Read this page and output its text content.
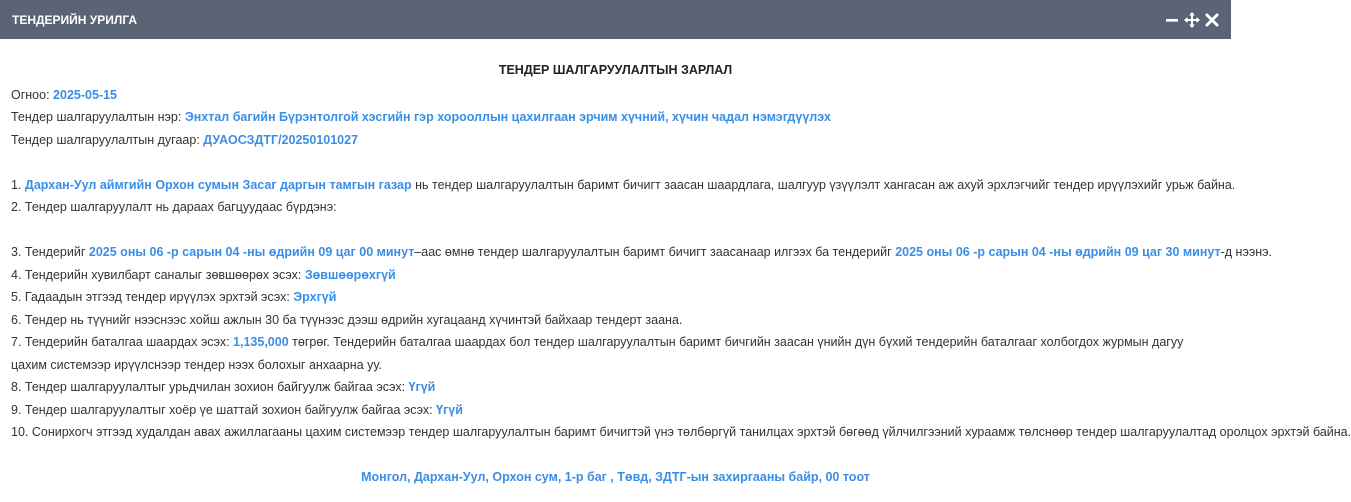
ТЕНДЕРИЙН УРИЛГА
ТЕНДЕР ШАЛГАРУУЛАЛТЫН ЗАРЛАЛ
Огноо: 2025-05-15
Тендер шалгаруулалтын нэр: Энхтал багийн Бүрэнтолгой хэсгийн гэр хорооллын цахилгаан эрчим хүчний, хүчин чадал нэмэгдүүлэх
Тендер шалгаруулалтын дугаар: ДУАОСЗДТГ/20250101027
1. Дархан-Уул аймгийн Орхон сумын Засаг даргын тамгын газар нь тендер шалгаруулалтын баримт бичигт заасан шаардлага, шалгуур үзүүлэлт хангасан аж ахуй эрхлэгчийг тендер ирүүлэхийг урьж байна.
2. Тендер шалгаруулалт нь дараах багцуудаас бүрдэнэ:
3. Тендерийг 2025 оны 06 -р сарын 04 -ны өдрийн 09 цаг 00 минут–аас өмнө тендер шалгаруулалтын баримт бичигт заасанаар илгээх ба тендерийг 2025 оны 06 -р сарын 04 -ны өдрийн 09 цаг 30 минут-д нээнэ.
4. Тендерийн хувилбарт саналыг зөвшөөрөх эсэх: Зөвшөөрөхгүй
5. Гадаадын этгээд тендер ирүүлэх эрхтэй эсэх: Эрхгүй
6. Тендер нь түүнийг нээснээс хойш ажлын 30 ба түүнээс дээш өдрийн хугацаанд хүчинтэй байхаар тендерт заана.
7. Тендерийн баталгаа шаардах эсэх: 1,135,000 төгрөг. Тендерийн баталгаа шаардах бол тендер шалгаруулалтын баримт бичгийн заасан үнийн дүн бүхий тендерийн баталгааг холбогдох журмын дагуу цахим системээр ирүүлснээр тендер нээх болохыг анхаарна уу.
8. Тендер шалгаруулалтыг урьдчилан зохион байгуулж байгаа эсэх: Үгүй
9. Тендер шалгаруулалтыг хоёр үе шаттай зохион байгуулж байгаа эсэх: Үгүй
10. Сонирхогч этгээд худалдан авах ажиллагааны цахим системээр тендер шалгаруулалтын баримт бичигтэй үнэ төлбөргүй танилцах эрхтэй бөгөөд үйлчилгээний хураамж төлснөөр тендер шалгаруулалтад оролцох эрхтэй байна.
Монгол, Дархан-Уул, Орхон сум, 1-р баг , Төвд, ЗДТГ-ын захиргааны байр, 00 тоот
